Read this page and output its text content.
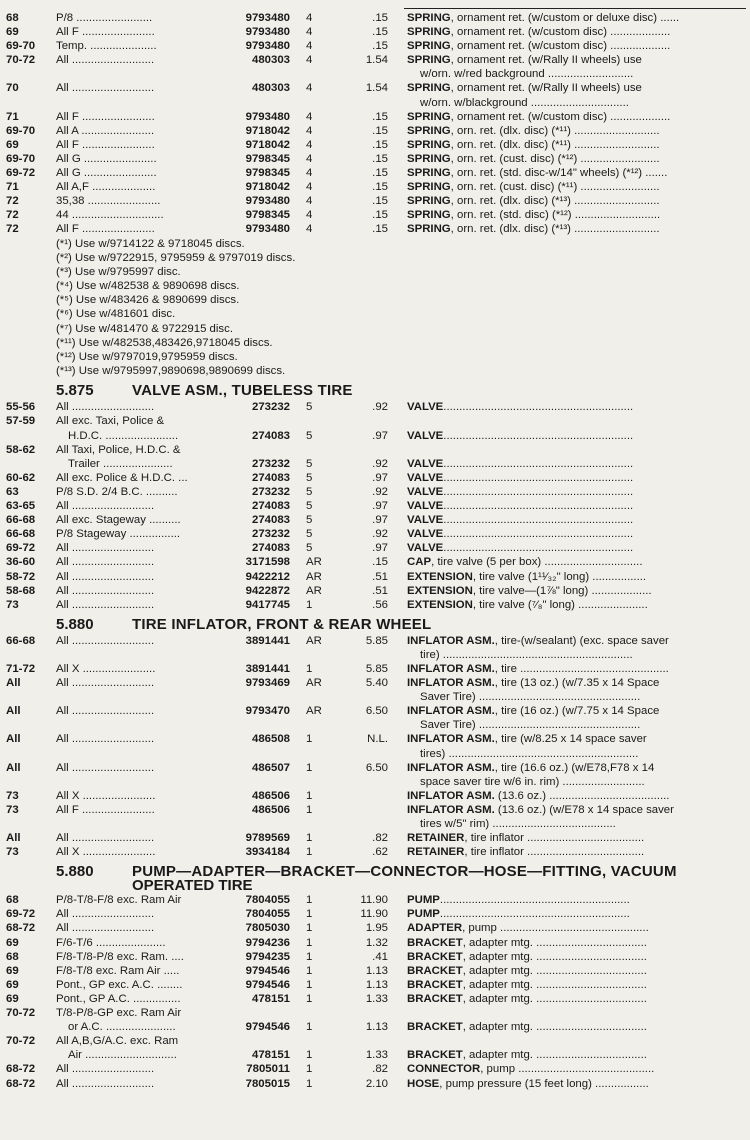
68	P/8 ........................	9793480 4	.15 SPRING, ornament ret. (w/custom or deluxe disc) ......
69	All F .......................	9793480 4	.15 SPRING, ornament ret. (w/custom disc) ...................
69-70 Temp. .....................	9793480 4	.15 SPRING, ornament ret. (w/custom disc) ...................
70-72 All ..........................	480303 4	1.54 SPRING, ornament ret. (w/Rally II wheels) use
w/orn. w/red background ...........................
70	All ..........................	480303 4	1.54 SPRING, ornament ret. (w/Rally II wheels) use
w/orn. w/blackground ...............................
71	All F .......................	9793480 4	.15 SPRING, ornament ret. (w/custom disc) ...................
69-70 All A .......................	9718042 4	.15 SPRING, orn. ret. (dlx. disc) (*¹¹) ...........................
69	All F .......................	9718042 4	.15 SPRING, orn. ret. (dlx. disc) (*¹¹) ...........................
69-70 All G .......................	9798345 4	.15 SPRING, orn. ret. (cust. disc) (*¹²) .........................
69-72 All G .......................	9798345 4	.15 SPRING, orn. ret. (std. disc-w/14" wheels) (*¹²) .......
71	All A,F ....................	9718042 4	.15 SPRING, orn. ret. (cust. disc) (*¹¹) .........................
72	35,38 .......................	9793480 4	.15 SPRING, orn. ret. (dlx. disc) (*¹³) ...........................
72	44 .............................	9798345 4	.15 SPRING, orn. ret. (std. disc) (*¹²) ...........................
72	All F .......................	9793480 4	.15 SPRING, orn. ret. (dlx. disc) (*¹³) ...........................
(*¹) Use w/9714122 & 9718045 discs.
(*²) Use w/9722915, 9795959 & 9797019 discs.
(*³) Use w/9795997 disc.
(*⁴) Use w/482538 & 9890698 discs.
(*⁵) Use w/483426 & 9890699 discs.
(*⁶) Use w/481601 disc.
(*⁷) Use w/481470 & 9722915 disc.
(*¹¹) Use w/482538,483426,9718045 discs.
(*¹²) Use w/9797019,9795959 discs.
(*¹³) Use w/9795997,9890698,9890699 discs.
5.875	VALVE ASM., TUBELESS TIRE
55-56 All ..........................	273232 5	.92 VALVE............................................................
57-59 All exc. Taxi, Police &
H.D.C. .......................	274083 5	.97 VALVE............................................................
58-62 All Taxi, Police, H.D.C. &
Trailer ......................	273232 5	.92 VALVE............................................................
60-62 All exc. Police & H.D.C. ...	274083 5	.97 VALVE............................................................
63	P/8 S.D. 2/4 B.C. ..........	273232 5	.92 VALVE............................................................
63-65 All ..........................	274083 5	.97 VALVE............................................................
66-68 All exc. Stageway ..........	274083 5	.97 VALVE............................................................
66-68 P/8 Stageway ................	273232 5	.92 VALVE............................................................
69-72 All ..........................	274083 5	.97 VALVE............................................................
36-60 All ..........................	3171598 AR	.15 CAP, tire valve (5 per box) ...............................
58-72 All ..........................	9422212 AR	.51 EXTENSION, tire valve (1¹¹⁄₃₂" long) .................
58-68 All ..........................	9422872 AR	.51 EXTENSION, tire valve—(1⅞" long) ...................
73	All ..........................	9417745 1	.56 EXTENSION, tire valve (⁷⁄₈" long) ......................
5.880	TIRE INFLATOR, FRONT & REAR WHEEL
66-68 All ..........................	3891441 AR	5.85 INFLATOR ASM., tire-(w/sealant) (exc. space saver
tire) ............................................................
71-72 All X .......................	3891441 1	5.85 INFLATOR ASM., tire ...............................................
All	All ..........................	9793469 AR	5.40 INFLATOR ASM., tire (13 oz.) (w/7.35 x 14 Space
Saver Tire) ...................................................
All	All ..........................	9793470 AR	6.50 INFLATOR ASM., tire (16 oz.) (w/7.75 x 14 Space
Saver Tire) ...................................................
All	All ..........................	486508 1	N.L. INFLATOR ASM., tire (w/8.25 x 14 space saver
tires) ............................................................
All	All ..........................	486507 1	6.50 INFLATOR ASM., tire (16.6 oz.) (w/E78,F78 x 14
space saver tire w/6 in. rim) ..........................
73	All X .......................	486506 1	INFLATOR ASM. (13.6 oz.) ......................................
73	All F .......................	486506 1	INFLATOR ASM. (13.6 oz.) (w/E78 x 14 space saver
tires w/5" rim) .......................................
All	All ..........................	9789569 1	.82 RETAINER, tire inflator .....................................
73	All X .......................	3934184 1	.62 RETAINER, tire inflator .....................................
5.880	PUMP—ADAPTER—BRACKET—CONNECTOR—HOSE—FITTING, VACUUM
OPERATED TIRE
68	P/8-T/8-F/8 exc. Ram Air	7804055 1	11.90 PUMP............................................................
69-72 All ..........................	7804055 1	11.90 PUMP............................................................
68-72 All ..........................	7805030 1	1.95 ADAPTER, pump ...............................................
69	F/6-T/6 ......................	9794236 1	1.32 BRACKET, adapter mtg. ...................................
68	F/8-T/8-P/8 exc. Ram. ....	9794235 1	.41 BRACKET, adapter mtg. ...................................
69	F/8-T/8 exc. Ram Air .....	9794546 1	1.13 BRACKET, adapter mtg. ...................................
69	Pont., GP exc. A.C. ........	9794546 1	1.13 BRACKET, adapter mtg. ...................................
69	Pont., GP A.C. ...............	478151 1	1.33 BRACKET, adapter mtg. ...................................
70-72 T/8-P/8-GP exc. Ram Air
or A.C. ......................	9794546 1	1.13 BRACKET, adapter mtg. ...................................
70-72 All A,B,G/A.C. exc. Ram
Air .............................	478151 1	1.33 BRACKET, adapter mtg. ...................................
68-72 All ..........................	7805011 1	.82 CONNECTOR, pump ...........................................
68-72 All ..........................	7805015 1	2.10 HOSE, pump pressure (15 feet long) .................
